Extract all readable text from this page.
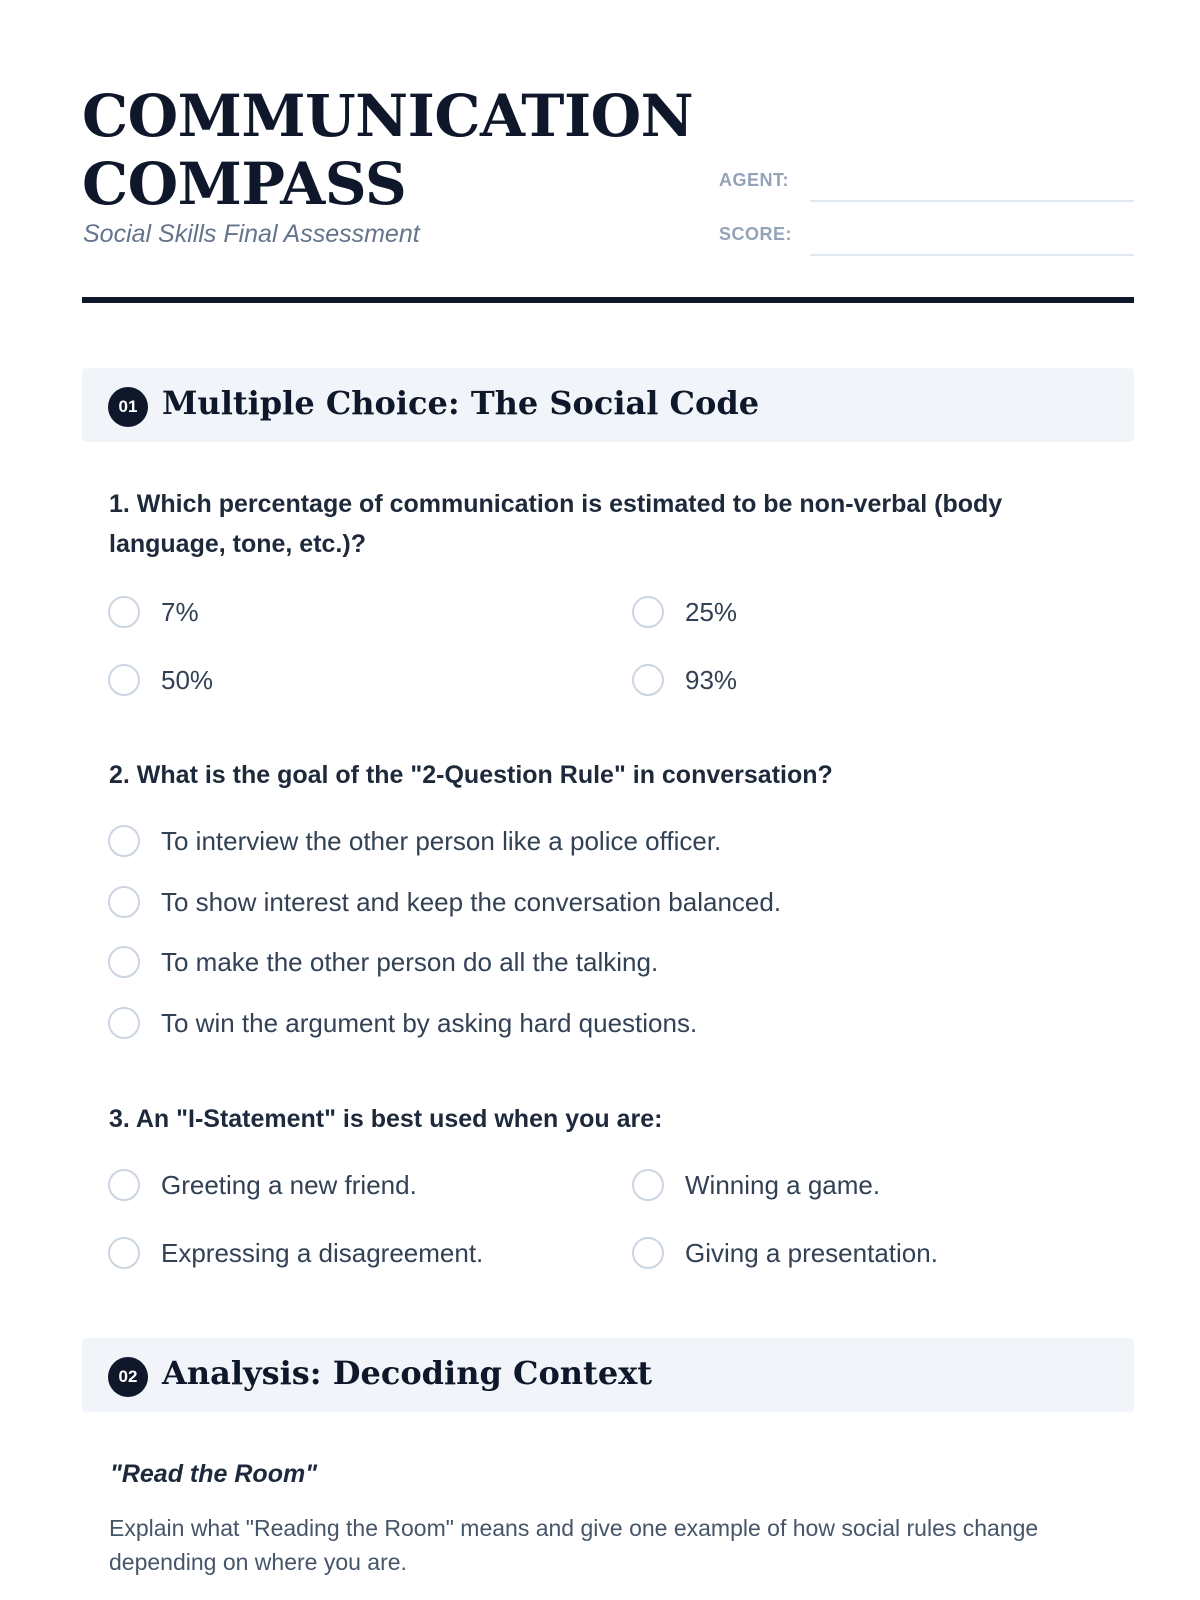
COMMUNICATION
COMPASS
Social Skills Final Assessment
AGENT:
SCORE:
01 Multiple Choice: The Social Code
1. Which percentage of communication is estimated to be non-verbal (body language, tone, etc.)?
7%	25%
50%	93%
2. What is the goal of the "2-Question Rule" in conversation?
To interview the other person like a police officer.
To show interest and keep the conversation balanced.
To make the other person do all the talking.
To win the argument by asking hard questions.
3. An "I-Statement" is best used when you are:
Greeting a new friend.	Winning a game.
Expressing a disagreement.	Giving a presentation.
02 Analysis: Decoding Context
"Read the Room"
Explain what "Reading the Room" means and give one example of how social rules change depending on where you are.
